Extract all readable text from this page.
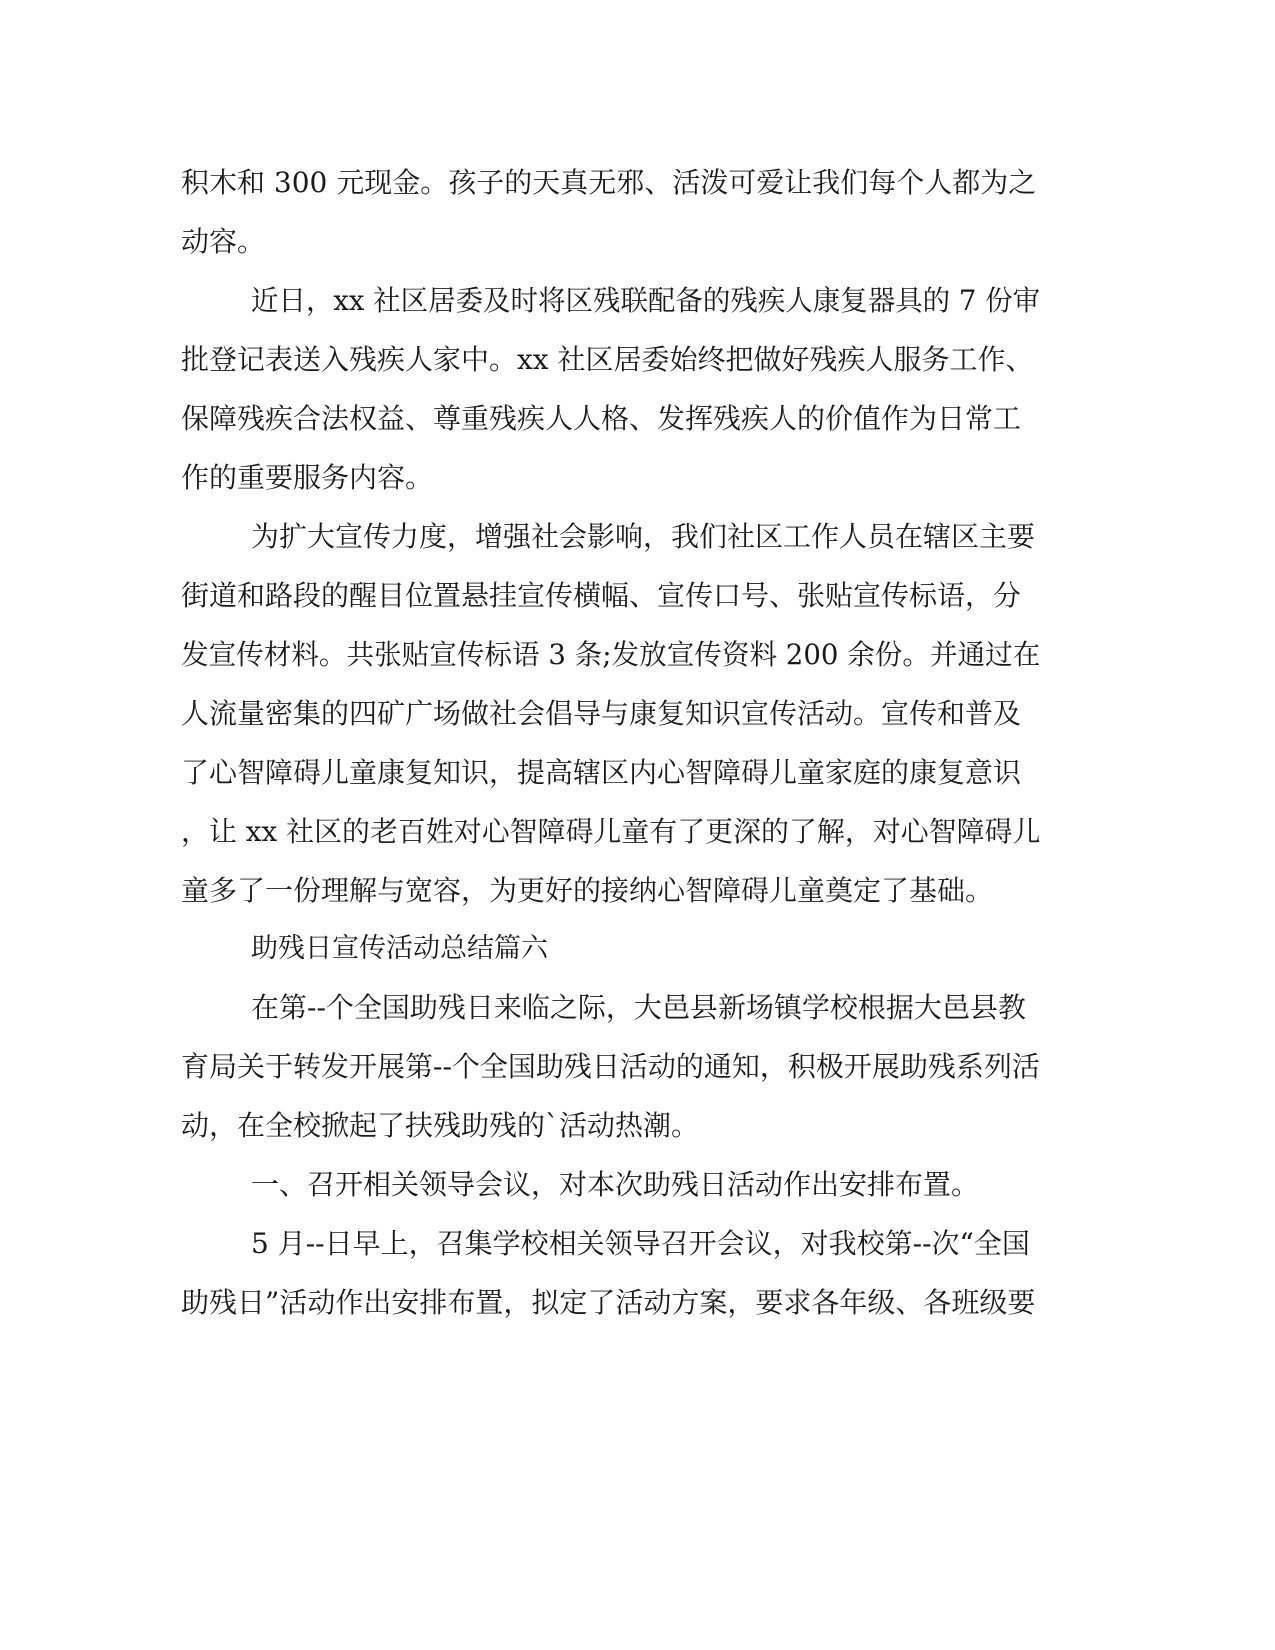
积木和 300 元现金。孩子的天真无邪、活泼可爱让我们每个人都为之
动容。
近日，xx 社区居委及时将区残联配备的残疾人康复器具的 7 份审
批登记表送入残疾人家中。xx 社区居委始终把做好残疾人服务工作、
保障残疾合法权益、尊重残疾人人格、发挥残疾人的价值作为日常工
作的重要服务内容。
为扩大宣传力度，增强社会影响，我们社区工作人员在辖区主要
街道和路段的醒目位置悬挂宣传横幅、宣传口号、张贴宣传标语，分
发宣传材料。共张贴宣传标语 3 条;发放宣传资料 200 余份。并通过在
人流量密集的四矿广场做社会倡导与康复知识宣传活动。宣传和普及
了心智障碍儿童康复知识，提高辖区内心智障碍儿童家庭的康复意识
，让 xx 社区的老百姓对心智障碍儿童有了更深的了解，对心智障碍儿
童多了一份理解与宽容，为更好的接纳心智障碍儿童奠定了基础。
助残日宣传活动总结篇六
在第--个全国助残日来临之际，大邑县新场镇学校根据大邑县教
育局关于转发开展第--个全国助残日活动的通知，积极开展助残系列活
动，在全校掀起了扶残助残的`活动热潮。
一、召开相关领导会议，对本次助残日活动作出安排布置。
5 月--日早上，召集学校相关领导召开会议，对我校第--次“全国
助残日”活动作出安排布置，拟定了活动方案，要求各年级、各班级要
